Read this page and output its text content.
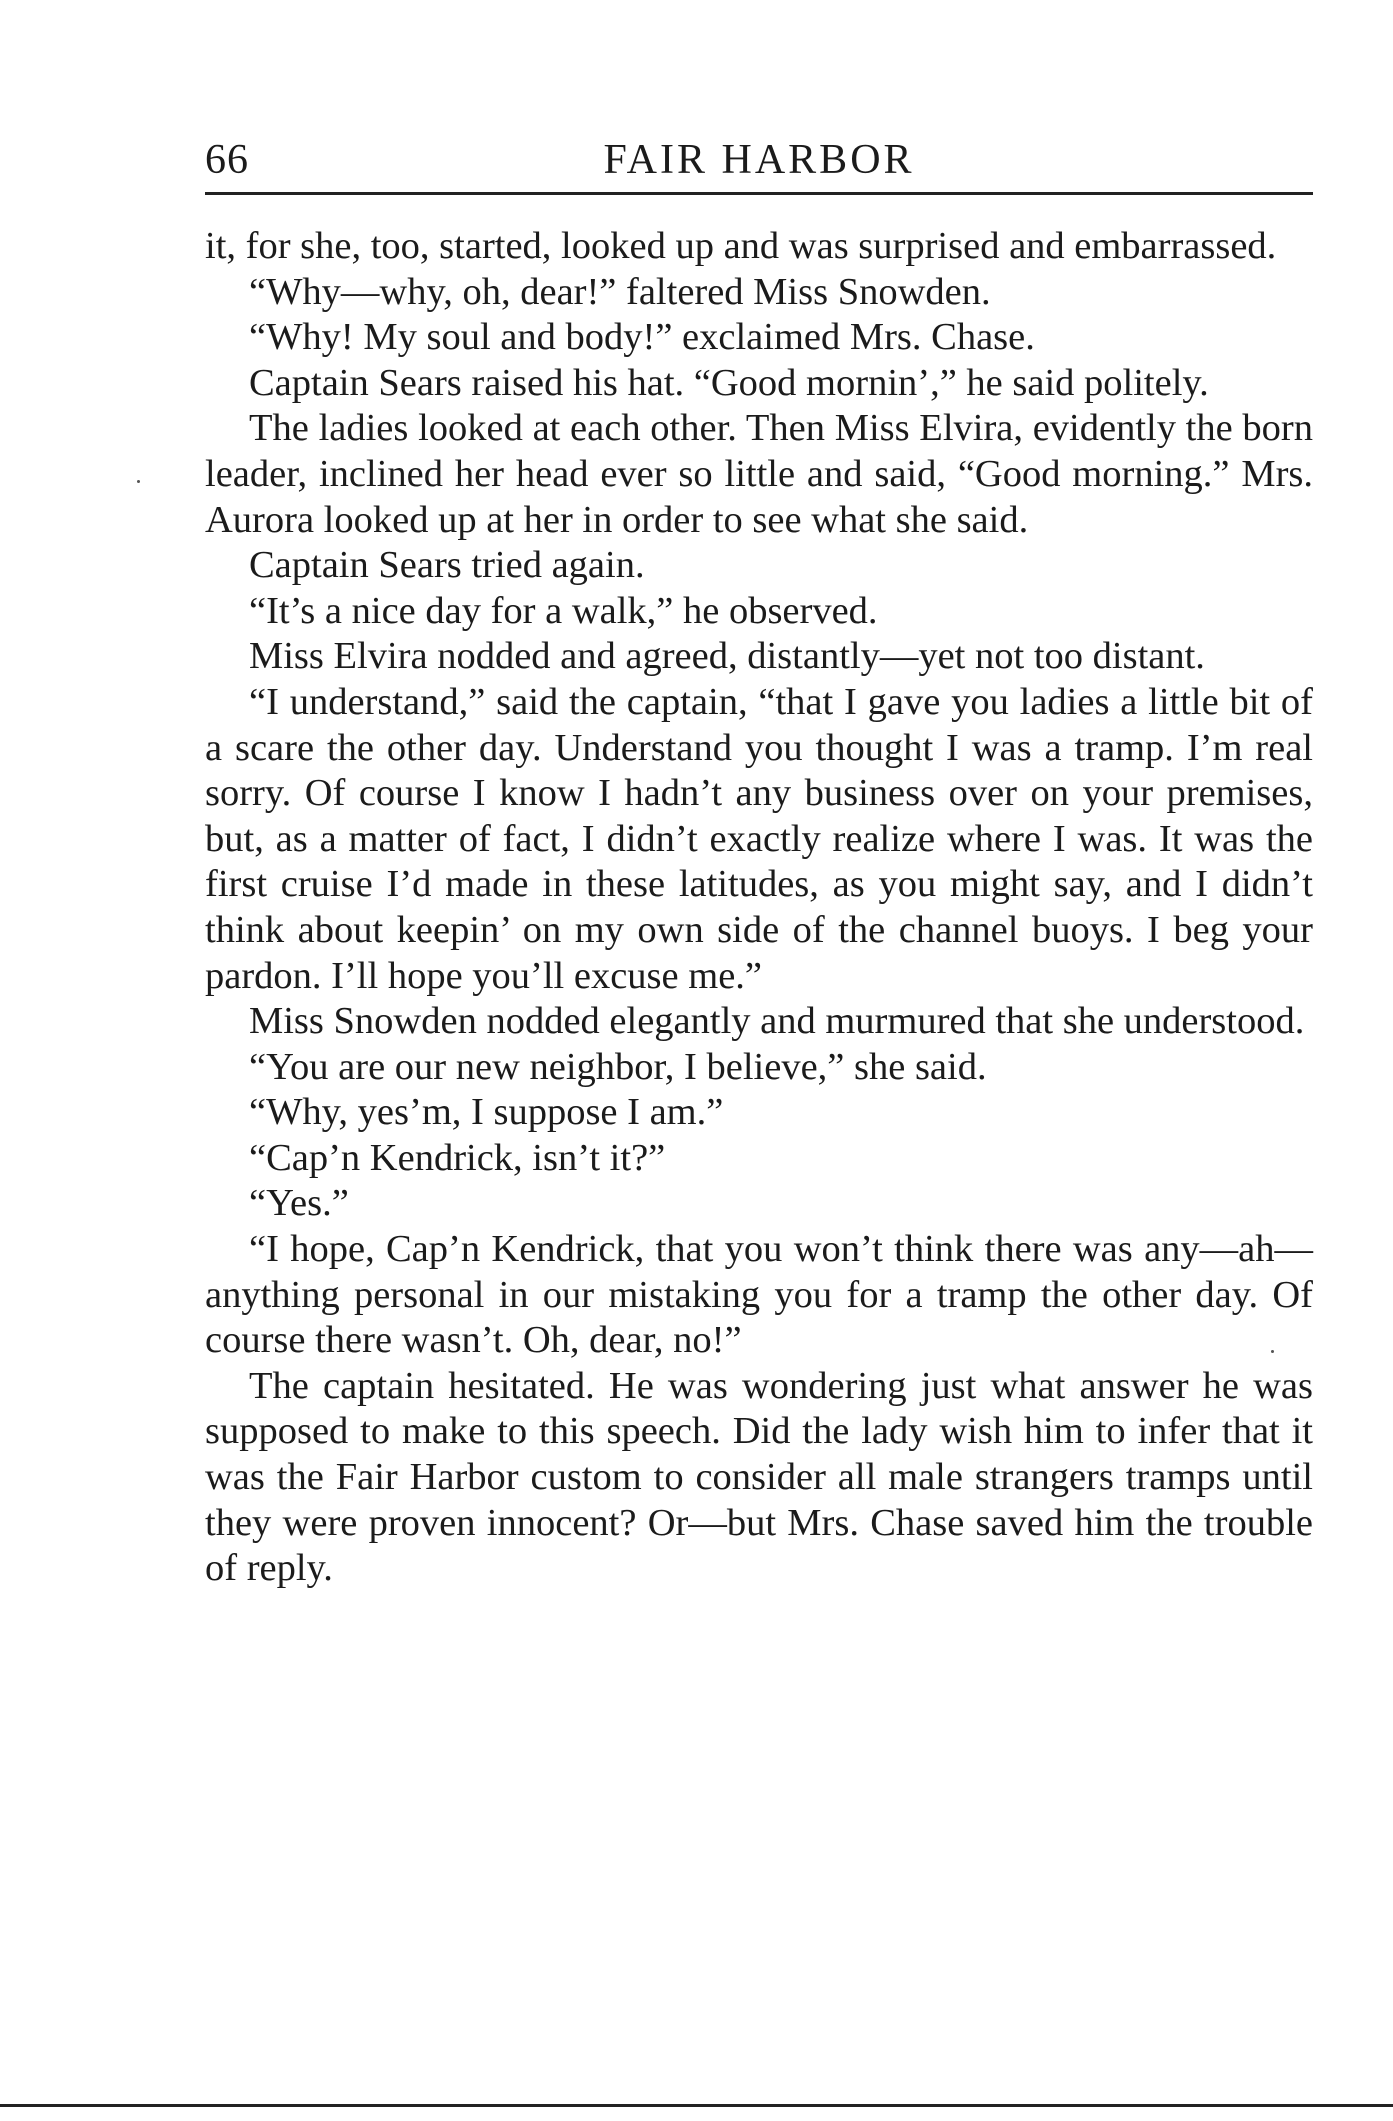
66	FAIR HARBOR

it, for she, too, started, looked up and was surprised and embarrassed.

“Why—why, oh, dear!” faltered Miss Snowden.

“Why! My soul and body!” exclaimed Mrs. Chase.

Captain Sears raised his hat. “Good mornin’,” he said politely.

The ladies looked at each other. Then Miss Elvira, evidently the born leader, inclined her head ever so little and said, “Good morning.” Mrs. Aurora looked up at her in order to see what she said.

Captain Sears tried again.

“It’s a nice day for a walk,” he observed.

Miss Elvira nodded and agreed, distantly—yet not too distant.

“I understand,” said the captain, “that I gave you ladies a little bit of a scare the other day. Understand you thought I was a tramp. I’m real sorry. Of course I know I hadn’t any business over on your premises, but, as a matter of fact, I didn’t exactly realize where I was. It was the first cruise I’d made in these latitudes, as you might say, and I didn’t think about keepin’ on my own side of the channel buoys. I beg your pardon. I’ll hope you’ll excuse me.”

Miss Snowden nodded elegantly and murmured that she understood.

“You are our new neighbor, I believe,” she said.

“Why, yes’m, I suppose I am.”

“Cap’n Kendrick, isn’t it?”

“Yes.”

“I hope, Cap’n Kendrick, that you won’t think there was any—ah—anything personal in our mistaking you for a tramp the other day. Of course there wasn’t. Oh, dear, no!”

The captain hesitated. He was wondering just what answer he was supposed to make to this speech. Did the lady wish him to infer that it was the Fair Harbor custom to consider all male strangers tramps until they were proven innocent? Or—but Mrs. Chase saved him the trouble of reply.
